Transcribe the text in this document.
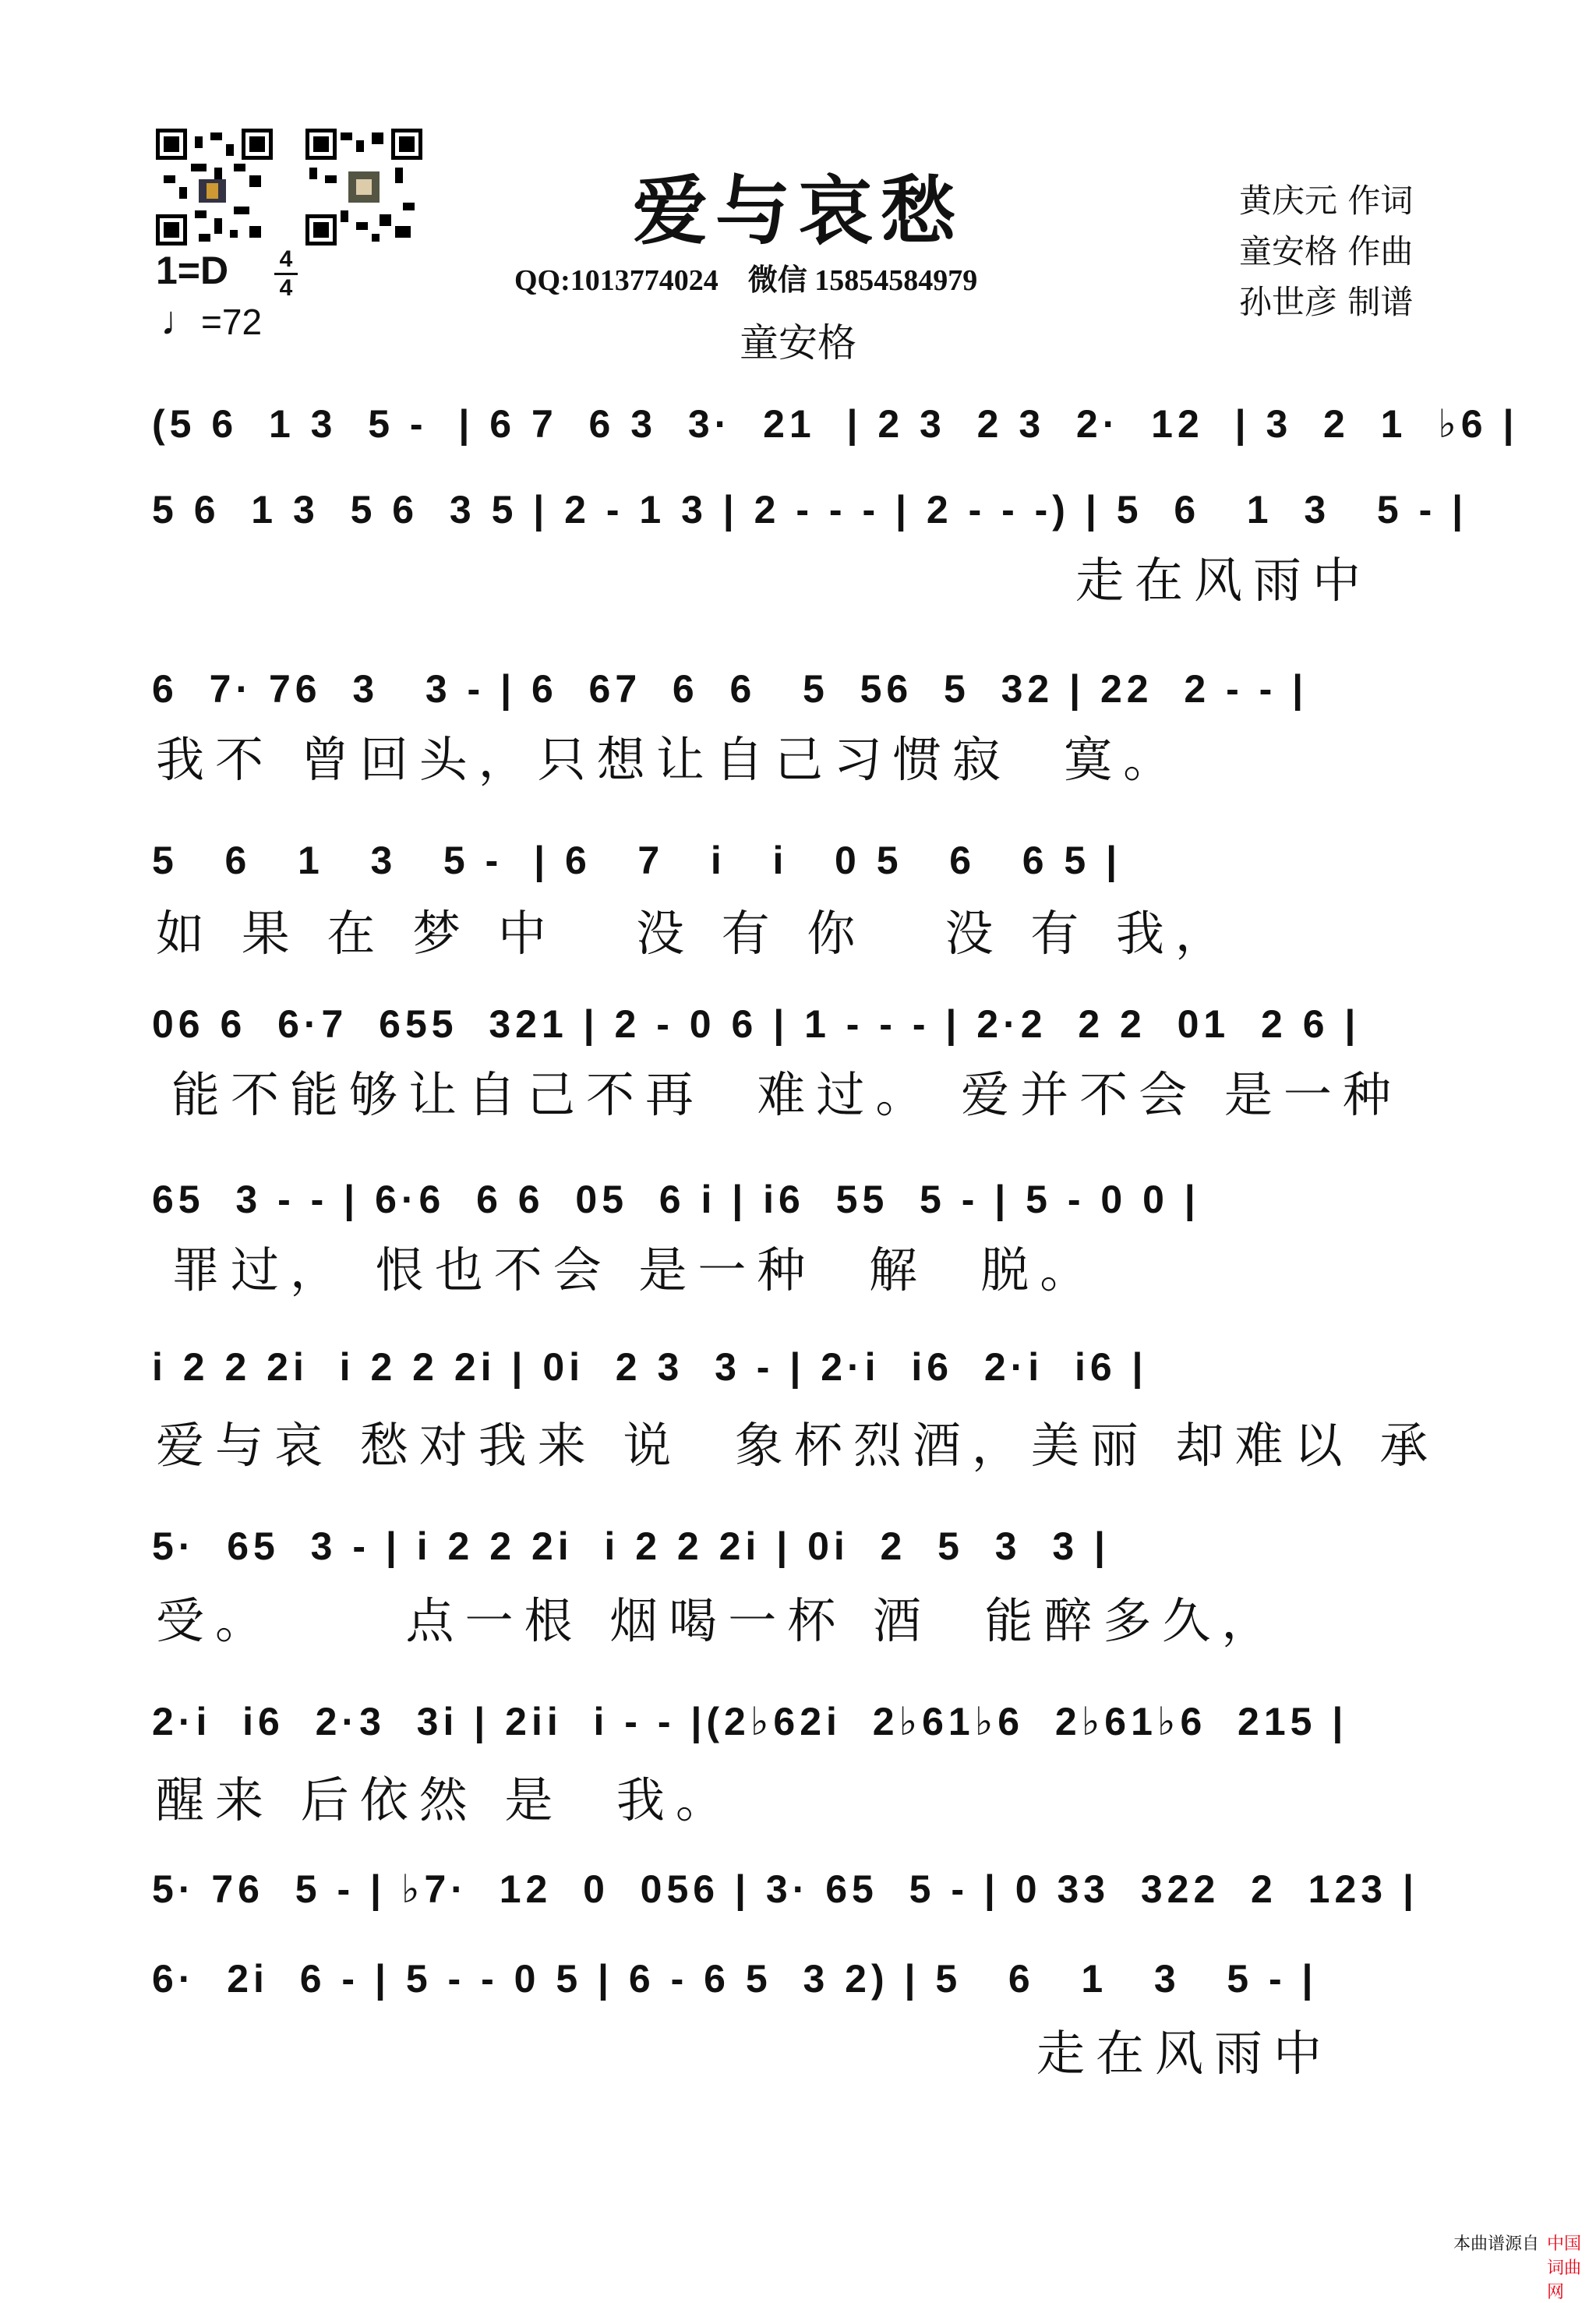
爱与哀愁
QQ:1013774024    微信 15854584979
童安格
黄庆元 作词
童安格 作曲
孙世彦 制谱
1=D 4
4
♩=72
(5 6  1 3  5 -  | 6 7  6 3  3·  21  | 2 3  2 3  2·  12  | 3  2  1  ♭6 |
5 6  1 3  5 6  3 5 | 2 - 1 3 | 2 - - - | 2 - - -) | 5  6   1  3   5 - |
走在风雨中
6  7· 76  3   3 - | 6  67  6  6   5  56  5  32 | 22  2 - - |
我不 曾回头，只想让自己习惯寂  寞。
5   6   1   3   5 -  | 6   7   i   i   0 5   6   6 5 |
如 果 在 梦 中   没 有 你   没 有 我，
06 6  6·7  655  321 | 2 - 0 6 | 1 - - - | 2·2  2 2  01  2 6 |
能不能够让自己不再  难过。 爱并不会 是一种
65  3 - - | 6·6  6 6  05  6 i | i6  55  5 - | 5 - 0 0 |
罪过， 恨也不会 是一种  解  脱。
i 2 2 2i  i 2 2 2i | 0i  2 3  3 - | 2·i  i6  2·i  i6 |
爱与哀 愁对我来 说  象杯烈酒，美丽 却难以 承
5·  65  3 - | i 2 2 2i  i 2 2 2i | 0i  2  5  3  3 |
受。     点一根 烟喝一杯 酒  能醉多久，
2·i  i6  2·3  3i | 2ii  i - - |(2♭62i  2♭61♭6  2♭61♭6  215 |
醒来 后依然 是  我。
5· 76  5 - | ♭7·  12  0  056 | 3· 65  5 - | 0 33  322  2  123 |
6·  2i  6 - | 5 - - 0 5 | 6 - 6 5  3 2) | 5   6   1   3   5 - |
走在风雨中
本曲谱源自 中国词曲网
